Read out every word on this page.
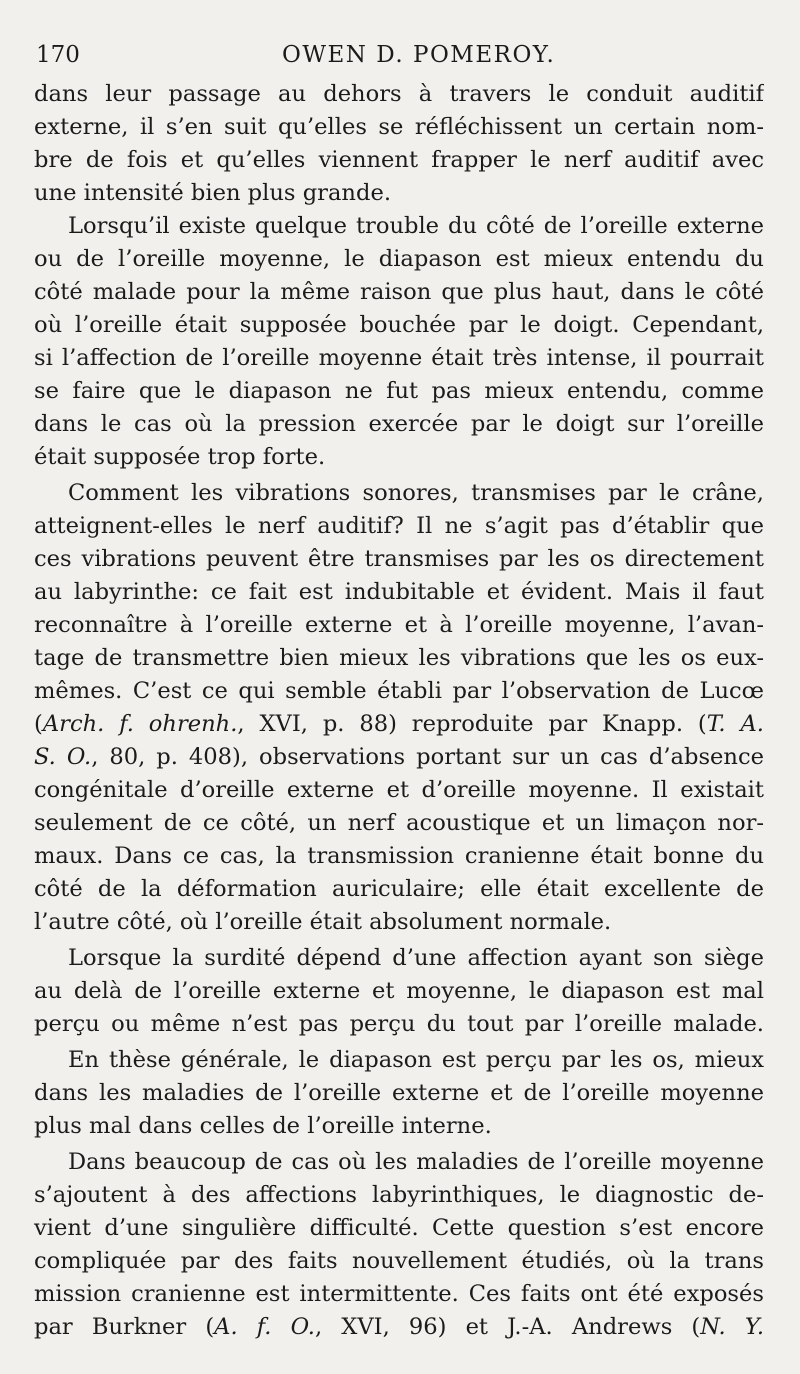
170	OWEN D. POMEROY.
dans leur passage au dehors à travers le conduit auditif
externe, il s’en suit qu’elles se réfléchissent un certain nom-
bre de fois et qu’elles viennent frapper le nerf auditif avec
une intensité bien plus grande.
Lorsqu’il existe quelque trouble du côté de l’oreille externe
ou de l’oreille moyenne, le diapason est mieux entendu du
côté malade pour la même raison que plus haut, dans le côté
où l’oreille était supposée bouchée par le doigt. Cependant,
si l’affection de l’oreille moyenne était très intense, il pourrait
se faire que le diapason ne fut pas mieux entendu, comme
dans le cas où la pression exercée par le doigt sur l’oreille
était supposée trop forte.
Comment les vibrations sonores, transmises par le crâne,
atteignent-elles le nerf auditif? Il ne s’agit pas d’établir que
ces vibrations peuvent être transmises par les os directement
au labyrinthe: ce fait est indubitable et évident. Mais il faut
reconnaître à l’oreille externe et à l’oreille moyenne, l’avan-
tage de transmettre bien mieux les vibrations que les os eux-
mêmes. C’est ce qui semble établi par l’observation de Lucœ
(Arch. f. ohrenh., XVI, p. 88) reproduite par Knapp. (T. A.
S. O., 80, p. 408), observations portant sur un cas d’absence
congénitale d’oreille externe et d’oreille moyenne. Il existait
seulement de ce côté, un nerf acoustique et un limaçon nor-
maux. Dans ce cas, la transmission cranienne était bonne du
côté de la déformation auriculaire; elle était excellente de
l’autre côté, où l’oreille était absolument normale.
Lorsque la surdité dépend d’une affection ayant son siège
au delà de l’oreille externe et moyenne, le diapason est mal
perçu ou même n’est pas perçu du tout par l’oreille malade.
En thèse générale, le diapason est perçu par les os, mieux
dans les maladies de l’oreille externe et de l’oreille moyenne
plus mal dans celles de l’oreille interne.
Dans beaucoup de cas où les maladies de l’oreille moyenne
s’ajoutent à des affections labyrinthiques, le diagnostic de-
vient d’une singulière difficulté. Cette question s’est encore
compliquée par des faits nouvellement étudiés, où la trans
mission cranienne est intermittente. Ces faits ont été exposés
par Burkner (A. f. O., XVI, 96) et J.-A. Andrews (N. Y.
